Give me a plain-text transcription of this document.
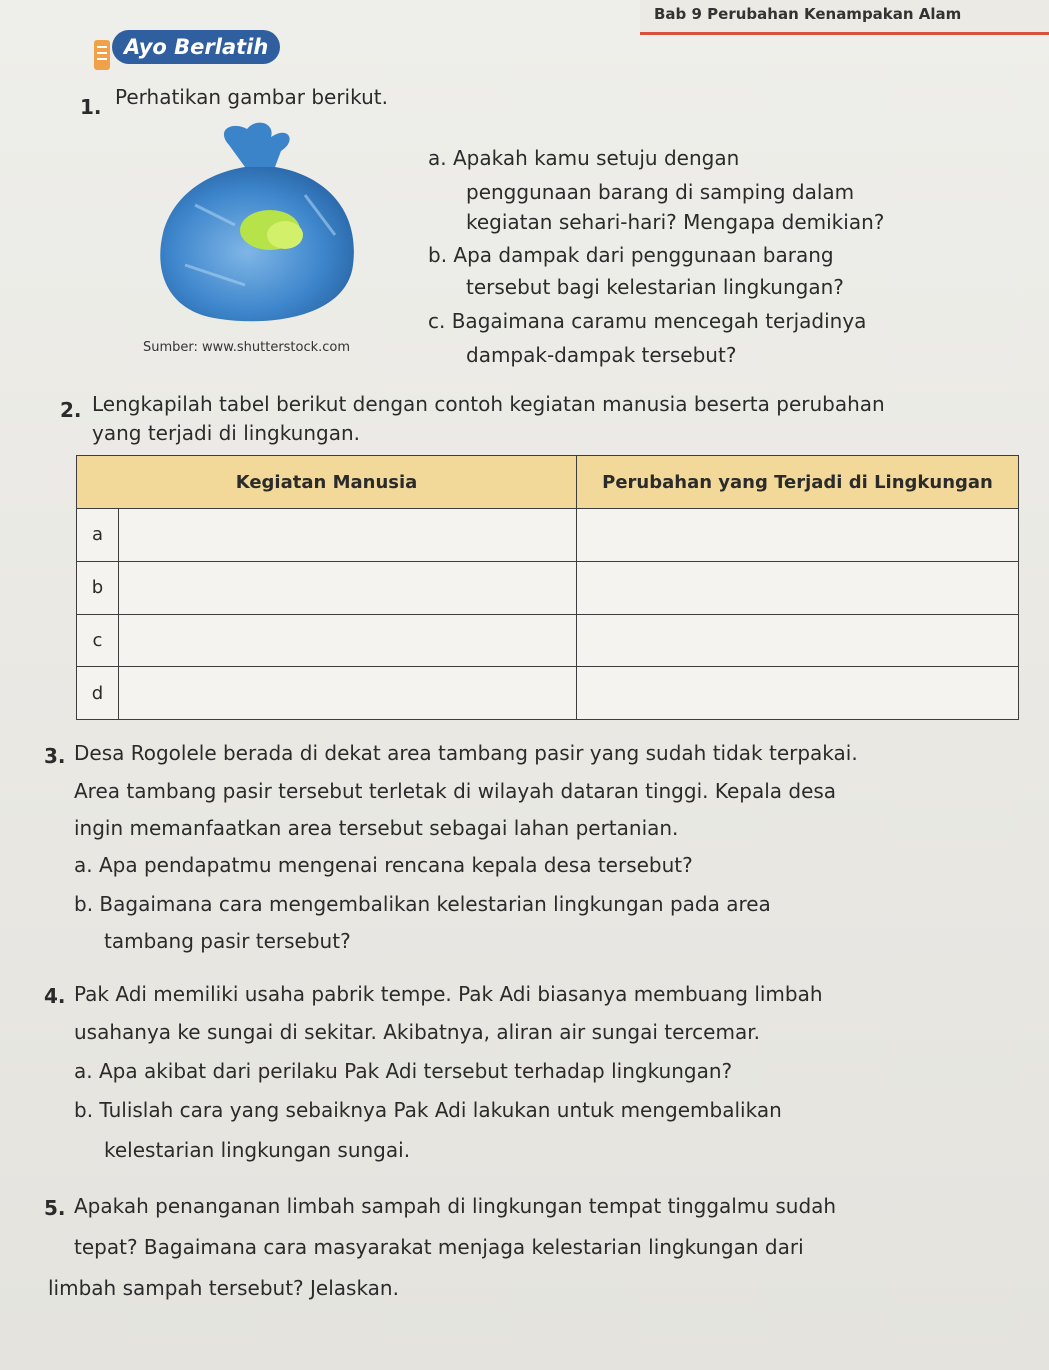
Bab 9 Perubahan Kenampakan Alam
Ayo Berlatih
1. Perhatikan gambar berikut.
Sumber: www.shutterstock.com
a. Apakah kamu setuju dengan
penggunaan barang di samping dalam
kegiatan sehari-hari? Mengapa demikian?
b. Apa dampak dari penggunaan barang
tersebut bagi kelestarian lingkungan?
c. Bagaimana caramu mencegah terjadinya
dampak-dampak tersebut?
2. Lengkapilah tabel berikut dengan contoh kegiatan manusia beserta perubahan
yang terjadi di lingkungan.
Kegiatan Manusia		Perubahan yang Terjadi di Lingkungan
a		
b		
c		
d		
3. Desa Rogolele berada di dekat area tambang pasir yang sudah tidak terpakai.
Area tambang pasir tersebut terletak di wilayah dataran tinggi. Kepala desa
ingin memanfaatkan area tersebut sebagai lahan pertanian.
a. Apa pendapatmu mengenai rencana kepala desa tersebut?
b. Bagaimana cara mengembalikan kelestarian lingkungan pada area
tambang pasir tersebut?
4. Pak Adi memiliki usaha pabrik tempe. Pak Adi biasanya membuang limbah
usahanya ke sungai di sekitar. Akibatnya, aliran air sungai tercemar.
a. Apa akibat dari perilaku Pak Adi tersebut terhadap lingkungan?
b. Tulislah cara yang sebaiknya Pak Adi lakukan untuk mengembalikan
kelestarian lingkungan sungai.
5. Apakah penanganan limbah sampah di lingkungan tempat tinggalmu sudah
tepat? Bagaimana cara masyarakat menjaga kelestarian lingkungan dari
limbah sampah tersebut? Jelaskan.
